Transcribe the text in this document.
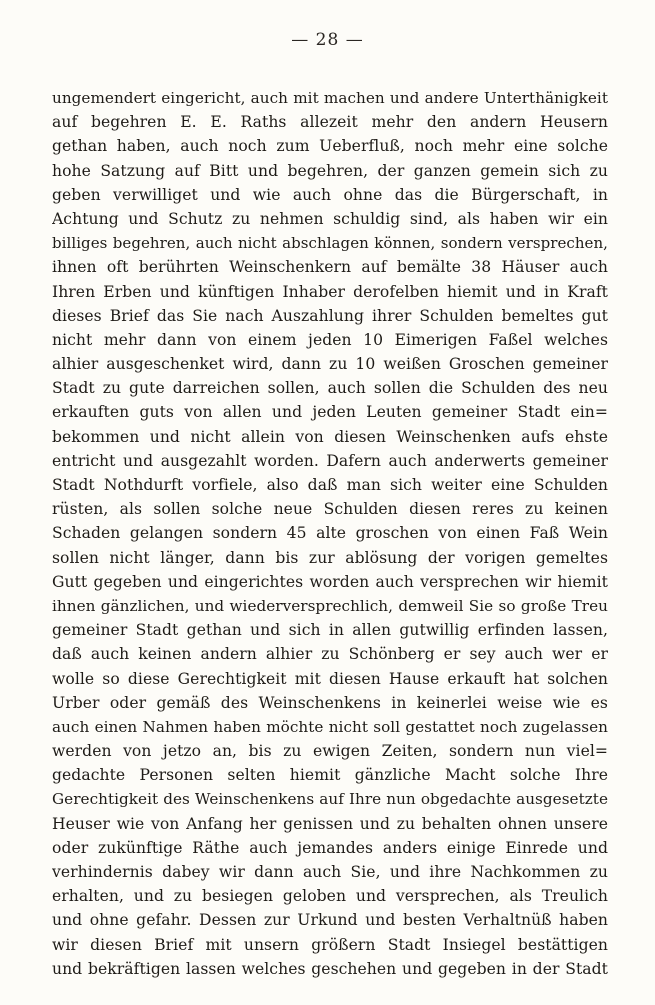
— 28 —
ungemendert eingericht, auch mit machen und andere Unterthänigkeit
auf begehren E. E. Raths allezeit mehr den andern Heusern
gethan haben, auch noch zum Ueberfluß, noch mehr eine solche
hohe Satzung auf Bitt und begehren, der ganzen gemein sich zu
geben verwilliget und wie auch ohne das die Bürgerschaft, in
Achtung und Schutz zu nehmen schuldig sind, als haben wir ein
billiges begehren, auch nicht abschlagen können, sondern versprechen,
ihnen oft berührten Weinschenkern auf bemälte 38 Häuser auch
Ihren Erben und künftigen Inhaber derofelben hiemit und in Kraft
dieses Brief das Sie nach Auszahlung ihrer Schulden bemeltes gut
nicht mehr dann von einem jeden 10 Eimerigen Faßel welches
alhier ausgeschenket wird, dann zu 10 weißen Groschen gemeiner
Stadt zu gute darreichen sollen, auch sollen die Schulden des neu
erkauften guts von allen und jeden Leuten gemeiner Stadt ein=
bekommen und nicht allein von diesen Weinschenken aufs ehste
entricht und ausgezahlt worden. Dafern auch anderwerts gemeiner
Stadt Nothdurft vorfiele, also daß man sich weiter eine Schulden
rüsten, als sollen solche neue Schulden diesen reres zu keinen
Schaden gelangen sondern 45 alte groschen von einen Faß Wein
sollen nicht länger, dann bis zur ablösung der vorigen gemeltes
Gutt gegeben und eingerichtes worden auch versprechen wir hiemit
ihnen gänzlichen, und wiederversprechlich, demweil Sie so große Treu
gemeiner Stadt gethan und sich in allen gutwillig erfinden lassen,
daß auch keinen andern alhier zu Schönberg er sey auch wer er
wolle so diese Gerechtigkeit mit diesen Hause erkauft hat solchen
Urber oder gemäß des Weinschenkens in keinerlei weise wie es
auch einen Nahmen haben möchte nicht soll gestattet noch zugelassen
werden von jetzo an, bis zu ewigen Zeiten, sondern nun viel=
gedachte Personen selten hiemit gänzliche Macht solche Ihre
Gerechtigkeit des Weinschenkens auf Ihre nun obgedachte ausgesetzte
Heuser wie von Anfang her genissen und zu behalten ohnen unsere
oder zukünftige Räthe auch jemandes anders einige Einrede und
verhindernis dabey wir dann auch Sie, und ihre Nachkommen zu
erhalten, und zu besiegen geloben und versprechen, als Treulich
und ohne gefahr. Dessen zur Urkund und besten Verhaltnüß haben
wir diesen Brief mit unsern größern Stadt Insiegel bestättigen
und bekräftigen lassen welches geschehen und gegeben in der Stadt
